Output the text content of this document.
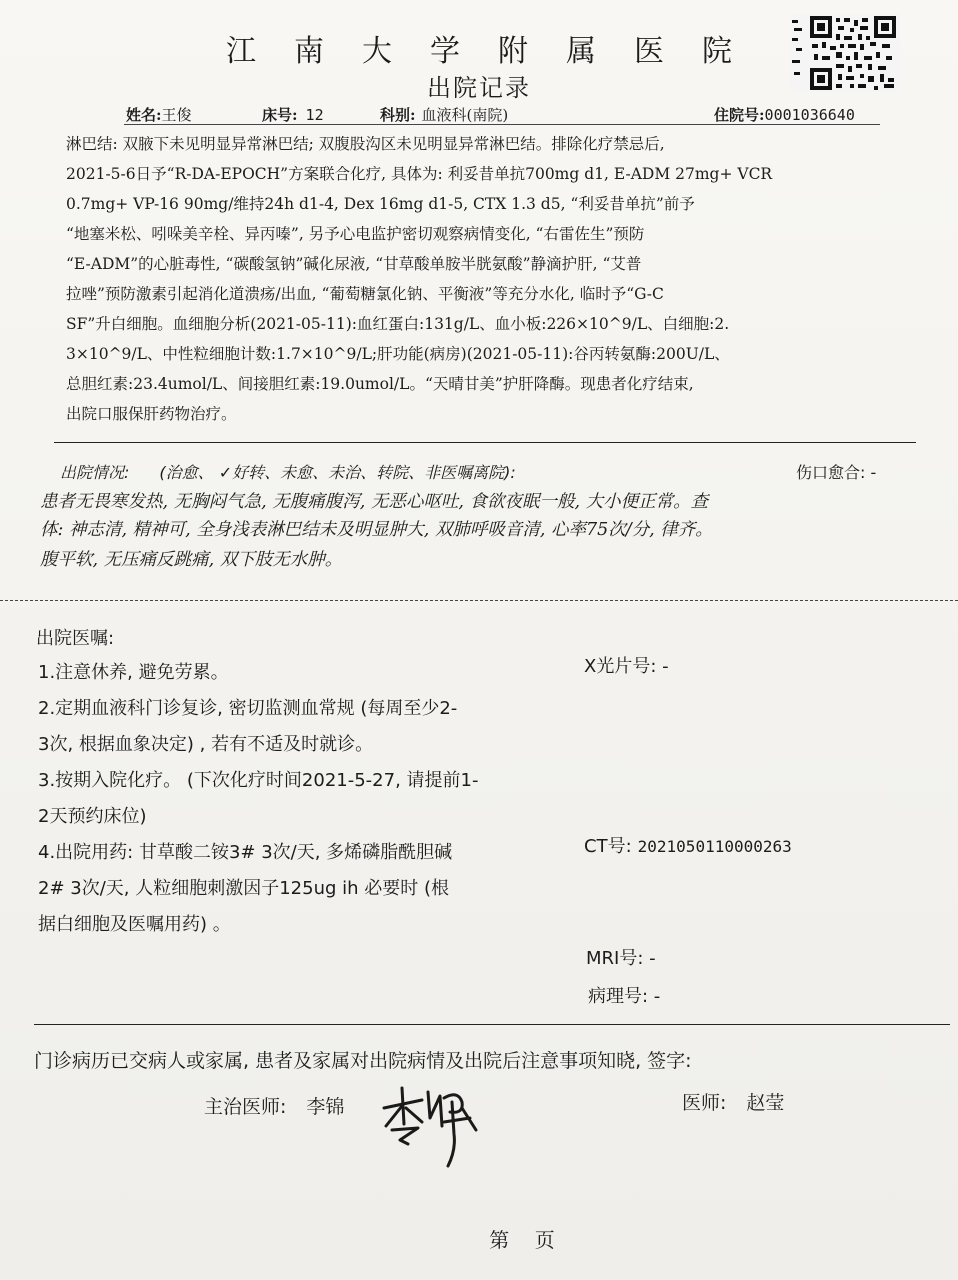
江南大学附属医院
出院记录
姓名:王俊	床号: 12	科别: 血液科(南院)	住院号:0001036640
淋巴结: 双腋下未见明显异常淋巴结; 双腹股沟区未见明显异常淋巴结。排除化疗禁忌后,
2021-5-6日予“R-DA-EPOCH”方案联合化疗, 具体为: 利妥昔单抗700mg d1, E-ADM 27mg+ VCR
0.7mg+ VP-16 90mg/维持24h d1-4, Dex 16mg d1-5, CTX 1.3 d5, “利妥昔单抗”前予
“地塞米松、吲哚美辛栓、异丙嗪”, 另予心电监护密切观察病情变化, “右雷佐生”预防
“E-ADM”的心脏毒性, “碳酸氢钠”碱化尿液, “甘草酸单胺半胱氨酸”静滴护肝, “艾普
拉唑”预防激素引起消化道溃疡/出血, “葡萄糖氯化钠、平衡液”等充分水化, 临时予“G-C
SF”升白细胞。血细胞分析(2021-05-11):血红蛋白:131g/L、血小板:226×10^9/L、白细胞:2.
3×10^9/L、中性粒细胞计数:1.7×10^9/L;肝功能(病房)(2021-05-11):谷丙转氨酶:200U/L、
总胆红素:23.4umol/L、间接胆红素:19.0umol/L。“天晴甘美”护肝降酶。现患者化疗结束,
出院口服保肝药物治疗。
出院情况: (治愈、 ✓好转、未愈、未治、转院、非医嘱离院):	伤口愈合: -
患者无畏寒发热, 无胸闷气急, 无腹痛腹泻, 无恶心呕吐, 食欲夜眠一般, 大小便正常。查
体: 神志清, 精神可, 全身浅表淋巴结未及明显肿大, 双肺呼吸音清, 心率75次/分, 律齐。
腹平软, 无压痛反跳痛, 双下肢无水肿。
出院医嘱:
1.注意休养, 避免劳累。
2.定期血液科门诊复诊, 密切监测血常规 (每周至少2-
3次, 根据血象决定) , 若有不适及时就诊。
3.按期入院化疗。 (下次化疗时间2021-5-27, 请提前1-
2天预约床位)
4.出院用药: 甘草酸二铵3# 3次/天, 多烯磷脂酰胆碱
2# 3次/天, 人粒细胞刺激因子125ug ih 必要时 (根
据白细胞及医嘱用药) 。
X光片号: -
CT号: 2021050110000263
MRI号: -
病理号: -
门诊病历已交病人或家属, 患者及家属对出院病情及出院后注意事项知晓, 签字:
主治医师: 李锦	医师: 赵莹
第    页
